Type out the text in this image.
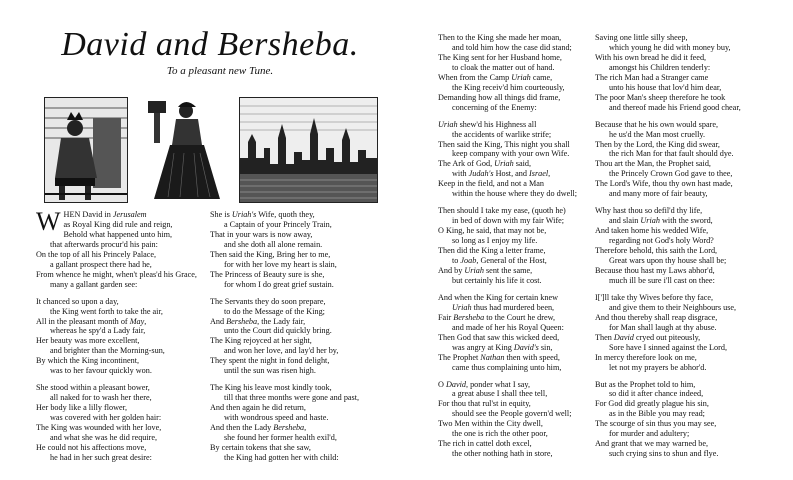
David and Bersheba.
To a pleasant new Tune.
W HEN David in Jerusalem
as Royal King did rule and reign,
Behold what happened unto him,
that afterwards procur'd his pain:
On the top of all his Princely Palace,
a gallant prospect there had he,
From whence he might, when't pleas'd his Grace,
many a gallant garden see:
It chanced so upon a day,
the King went forth to take the air,
All in the pleasant month of May,
whereas he spy'd a Lady fair,
Her beauty was more excellent,
and brighter than the Morning-sun,
By which the King incontinent,
was to her favour quickly won.
She stood within a pleasant bower,
all naked for to wash her there,
Her body like a lilly flower,
was covered with her golden hair:
The King was wounded with her love,
and what she was he did require,
He could not his affections move,
he had in her such great desire:
She is Uriah's Wife, quoth they,
a Captain of your Princely Train,
That in your wars is now away,
and she doth all alone remain.
Then said the King, Bring her to me,
for with her love my heart is slain,
The Princess of Beauty sure is she,
for whom I do great grief sustain.
The Servants they do soon prepare,
to do the Message of the King;
And Bersheba, the Lady fair,
unto the Court did quickly bring.
The King rejoyced at her sight,
and won her love, and lay'd her by,
They spent the night in fond delight,
until the sun was risen high.
The King his leave most kindly took,
till that three months were gone and past,
And then again he did return,
with wondrous speed and haste.
And then the Lady Bersheba,
she found her former health exil'd,
By certain tokens that she saw,
the King had gotten her with child:
Then to the King she made her moan,
and told him how the case did stand;
The King sent for her Husband home,
to cloak the matter out of hand.
When from the Camp Uriah came,
the King receiv'd him courteously,
Demanding how all things did frame,
concerning of the Enemy:
Uriah shew'd his Highness all
the accidents of warlike strife;
Then said the King, This night you shall
keep company with your own Wife.
The Ark of God, Uriah said,
with Judah's Host, and Israel,
Keep in the field, and not a Man
within the house where they do dwell;
Then should I take my ease, (quoth he)
in bed of down with my fair Wife;
O King, he said, that may not be,
so long as I enjoy my life.
Then did the King a letter frame,
to Joab, General of the Host,
And by Uriah sent the same,
but certainly his life it cost.
And when the King for certain knew
Uriah thus had murdered been,
Fair Bersheba to the Court he drew,
and made of her his Royal Queen:
Then God that saw this wicked deed,
was angry at King David's sin,
The Prophet Nathan then with speed,
came thus complaining unto him,
O David, ponder what I say,
a great abuse I shall thee tell,
For thou that rul'st in equity,
should see the People govern'd well;
Two Men within the City dwell,
the one is rich the other poor,
The rich in cattel doth excel,
the other nothing hath in store,
Saving one little silly sheep,
which young he did with money buy,
With his own bread he did it feed,
amongst his Children tenderly:
The rich Man had a Stranger came
unto his house that lov'd him dear,
The poor Man's sheep therefore he took
and thereof made his Friend good chear,
Because that he his own would spare,
he us'd the Man most cruelly.
Then by the Lord, the King did swear,
the rich Man for that fault should dye.
Thou art the Man, the Prophet said,
the Princely Crown God gave to thee,
The Lord's Wife, thou thy own hast made,
and many more of fair beauty,
Why hast thou so defil'd thy life,
and slain Uriah with the sword,
And taken home his wedded Wife,
regarding not God's holy Word?
Therefore behold, this saith the Lord,
Great wars upon thy house shall be;
Because thou hast my Laws abhor'd,
much ill be sure i'll cast on thee:
I[']ll take thy Wives before thy face,
and give them to their Neighbours use,
And thou thereby shall reap disgrace,
for Man shall laugh at thy abuse.
Then David cryed out piteously,
Sore have I sinned against the Lord,
In mercy therefore look on me,
let not my prayers be abhor'd.
But as the Prophet told to him,
so did it after chance indeed,
For God did greatly plague his sin,
as in the Bible you may read;
The scourge of sin thus you may see,
for murder and adultery;
And grant that we may warned be,
such crying sins to shun and flye.
